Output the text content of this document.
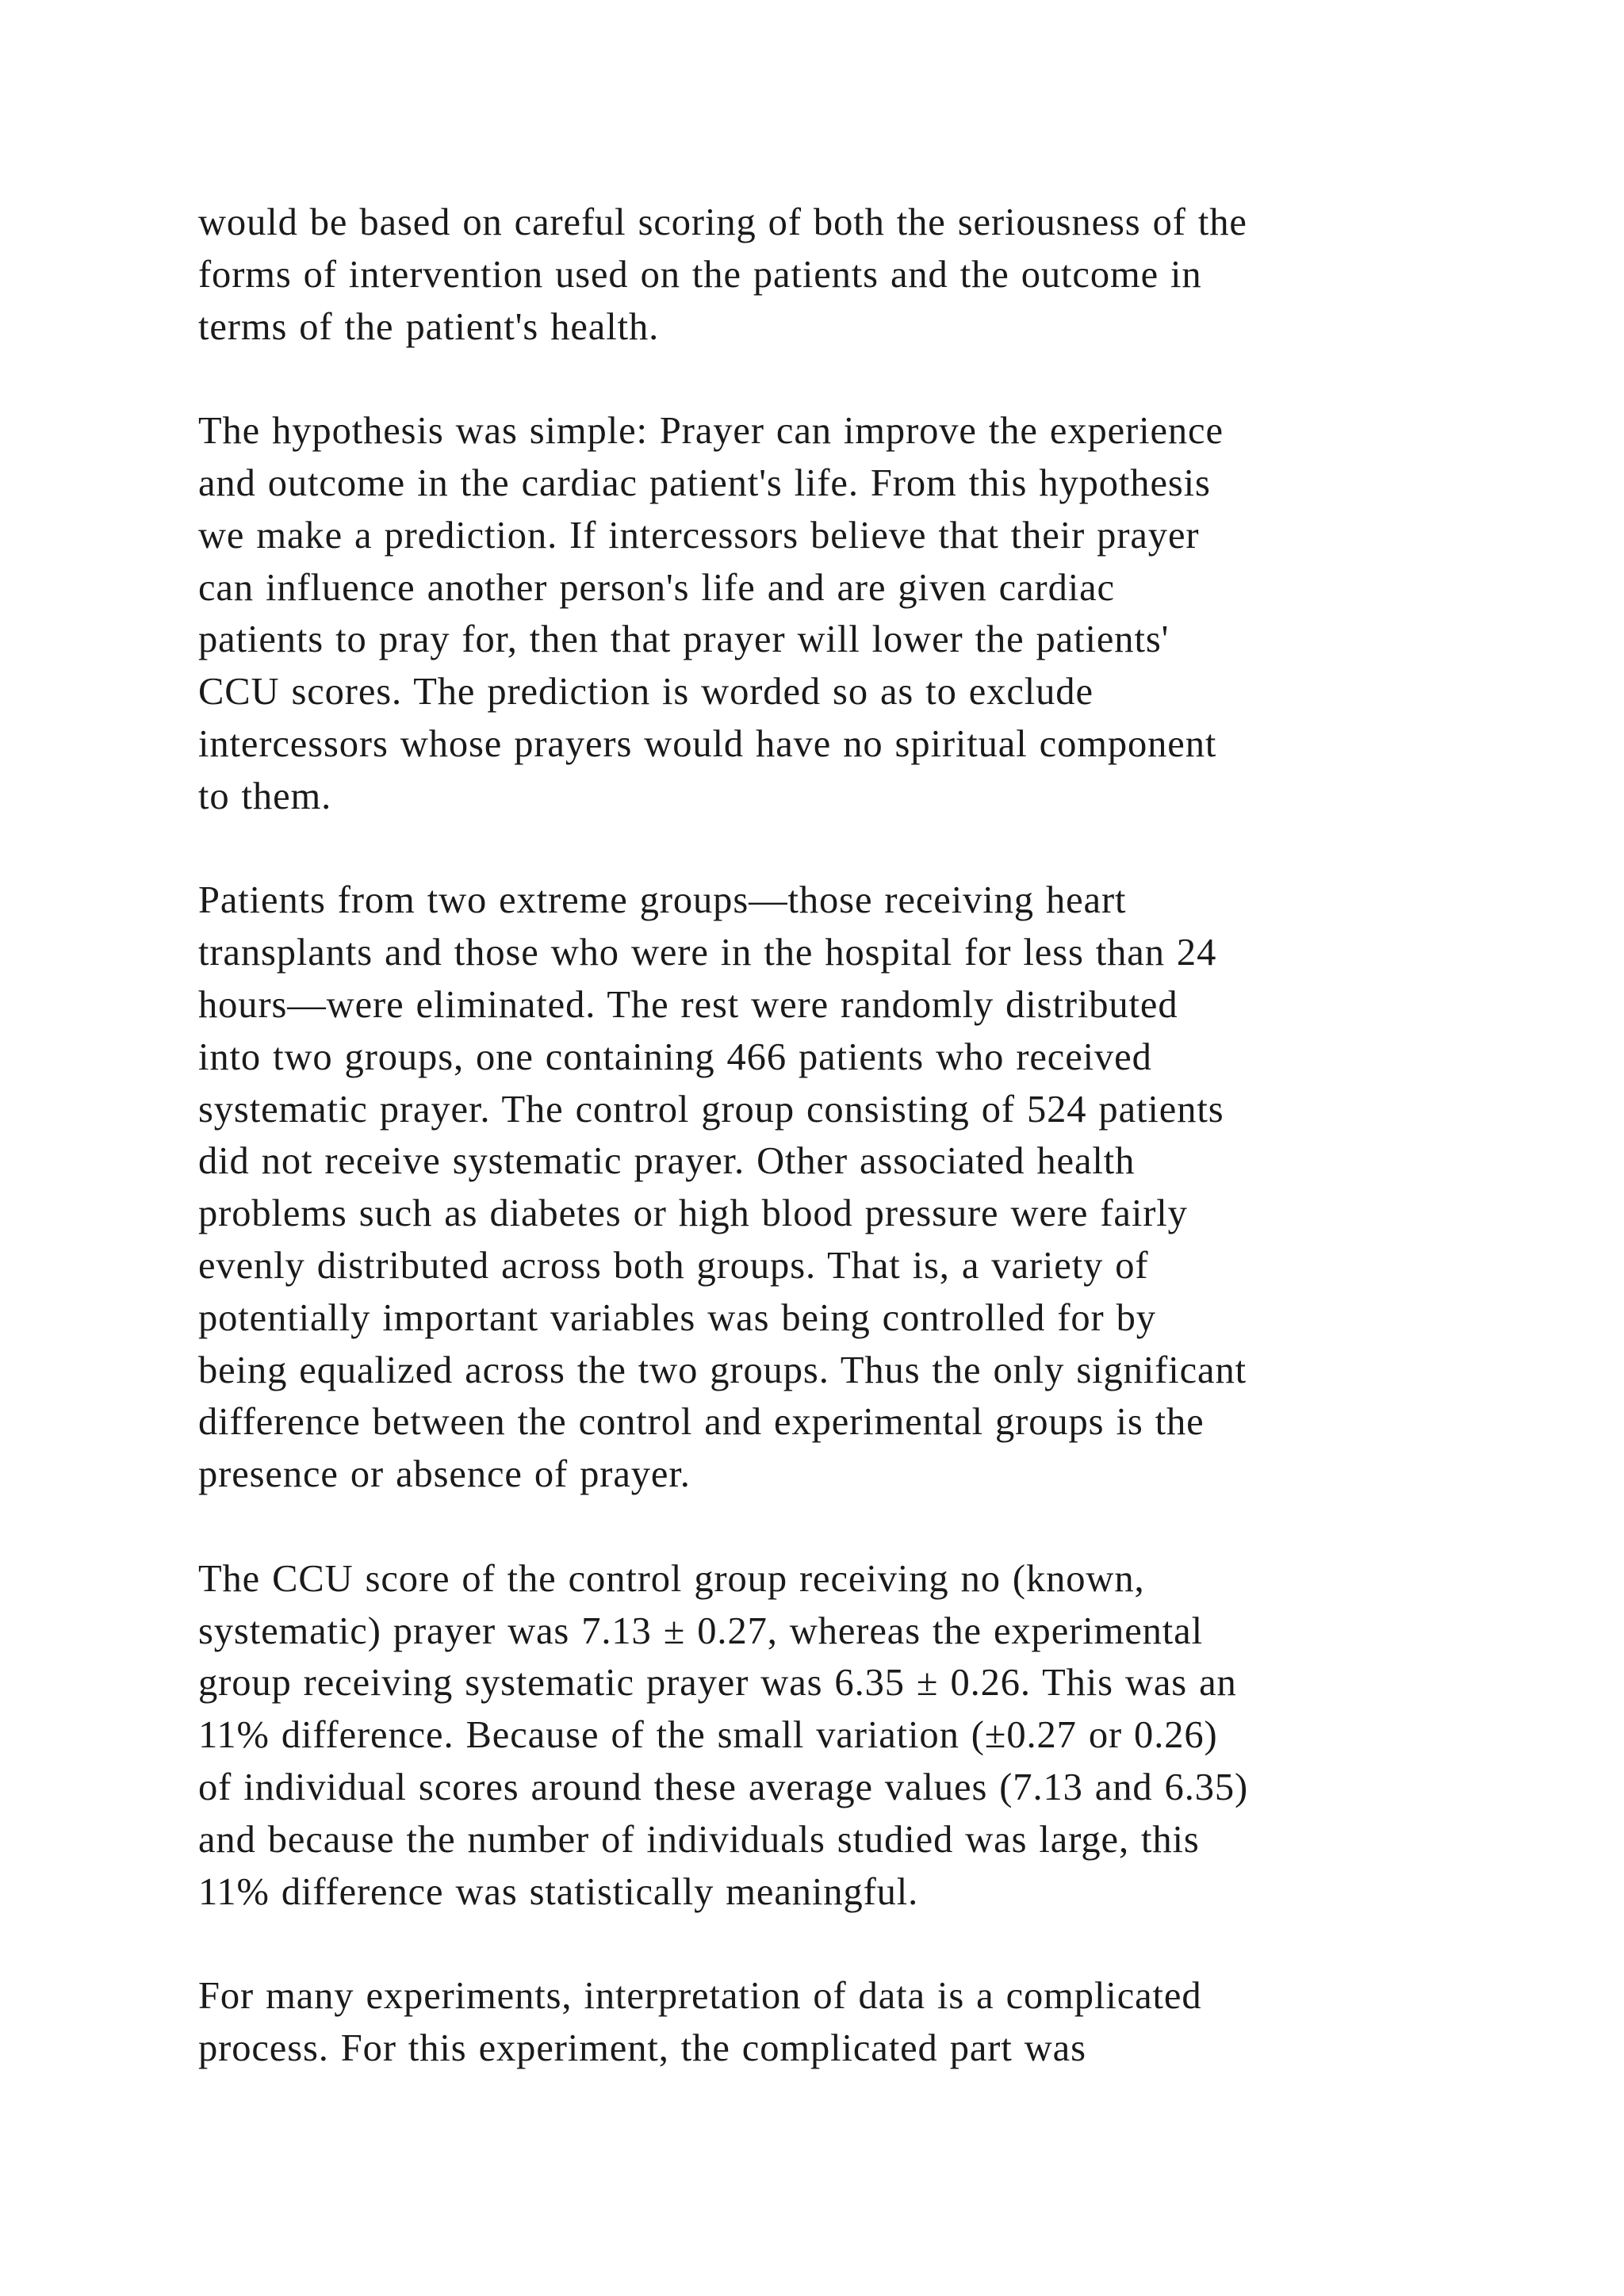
would be based on careful scoring of both the seriousness of the
forms of intervention used on the patients and the outcome in
terms of the patient's health.

The hypothesis was simple: Prayer can improve the experience
and outcome in the cardiac patient's life. From this hypothesis
we make a prediction. If intercessors believe that their prayer
can influence another person's life and are given cardiac
patients to pray for, then that prayer will lower the patients'
CCU scores. The prediction is worded so as to exclude
intercessors whose prayers would have no spiritual component
to them.

Patients from two extreme groups—those receiving heart
transplants and those who were in the hospital for less than 24
hours—were eliminated. The rest were randomly distributed
into two groups, one containing 466 patients who received
systematic prayer. The control group consisting of 524 patients
did not receive systematic prayer. Other associated health
problems such as diabetes or high blood pressure were fairly
evenly distributed across both groups. That is, a variety of
potentially important variables was being controlled for by
being equalized across the two groups. Thus the only significant
difference between the control and experimental groups is the
presence or absence of prayer.

The CCU score of the control group receiving no (known,
systematic) prayer was 7.13 ± 0.27, whereas the experimental
group receiving systematic prayer was 6.35 ± 0.26. This was an
11% difference. Because of the small variation (±0.27 or 0.26)
of individual scores around these average values (7.13 and 6.35)
and because the number of individuals studied was large, this
11% difference was statistically meaningful.

For many experiments, interpretation of data is a complicated
process. For this experiment, the complicated part was
